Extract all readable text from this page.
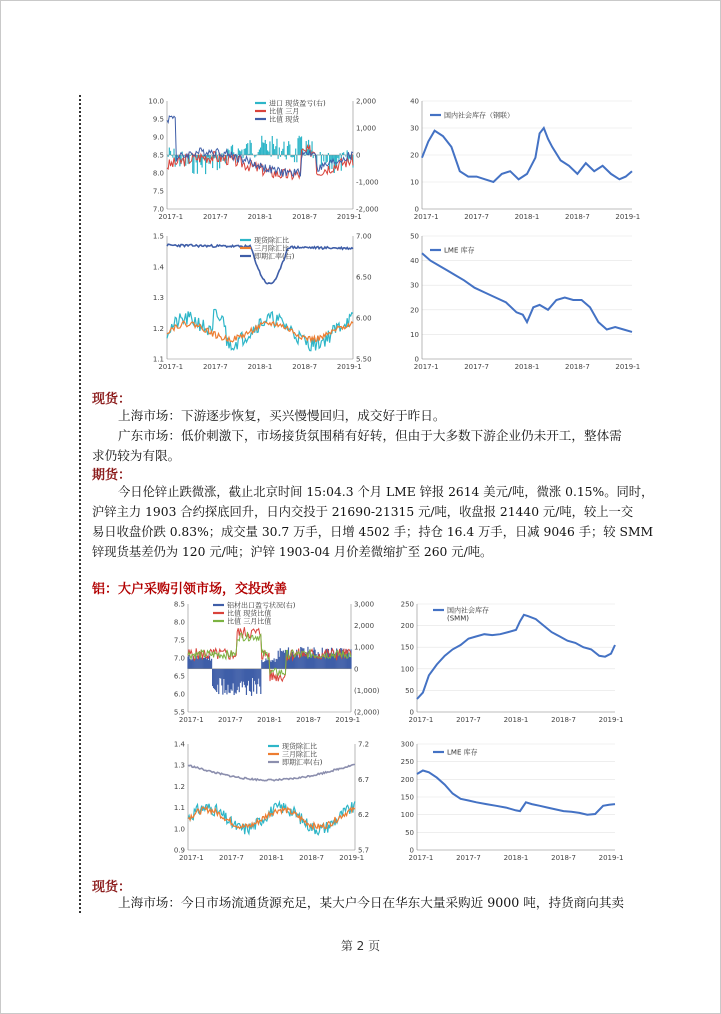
10.0
9.5
9.0
8.5
8.0
7.5
7.0
2,000
1,000
0
-1,000
-2,000
2017-1	2017-7	2018-1	2018-7	2019-1
进口 现货盈亏(右)
比值 三月
比值 现货
40
30
20
10
0
2017-1	2017-7	2018-1	2018-7	2019-1
国内社会库存（钢联）
1.5
1.4
1.3
1.2
1.1
7.00
6.50
6.00
5.50
2017-1	2017-7	2018-1	2018-7	2019-1
现货除汇比
三月除汇比
即期汇率(右)
50
40
30
20
10
0
2017-1	2017-7	2018-1	2018-7	2019-1
LME 库存
现货：
上海市场：下游逐步恢复，买兴慢慢回归，成交好于昨日。
广东市场：低价刺激下，市场接货氛围稍有好转，但由于大多数下游企业仍未开工，整体需
求仍较为有限。
期货：
今日伦锌止跌微涨，截止北京时间 15:04.3 个月 LME 锌报 2614 美元/吨，微涨 0.15%。同时，
沪锌主力 1903 合约探底回升，日内交投于 21690-21315 元/吨，收盘报 21440 元/吨，较上一交
易日收盘价跌 0.83%；成交量 30.7 万手，日增 4502 手；持仓 16.4 万手，日减 9046 手；较 SMM
锌现货基差仍为 120 元/吨；沪锌 1903-04 月价差微缩扩至 260 元/吨。
铝：大户采购引领市场，交投改善
8.5
8.0
7.5
7.0
6.5
6.0
5.5
3,000
2,000
1,000
0
(1,000)
(2,000)
2017-1 2017-7 2018-1 2018-7 2019-1
铝材出口盈亏状况(右)
比值 现货比值
比值 三月比值
250
200
150
100
50
0
2017-1	2017-7	2018-1	2018-7	2019-1
国内社会库存
(SMM)
1.4
1.3
1.2
1.1
1.0
0.9
7.2
6.7
6.2
5.7
2017-1 2017-7 2018-1 2018-7 2019-1
现货除汇比
三月除汇比
即期汇率(右)
300
250
200
150
100
50
0
2017-1	2017-7	2018-1	2018-7	2019-1
LME 库存
现货：
上海市场：今日市场流通货源充足，某大户今日在华东大量采购近 9000 吨，持货商向其卖
第 2 页
